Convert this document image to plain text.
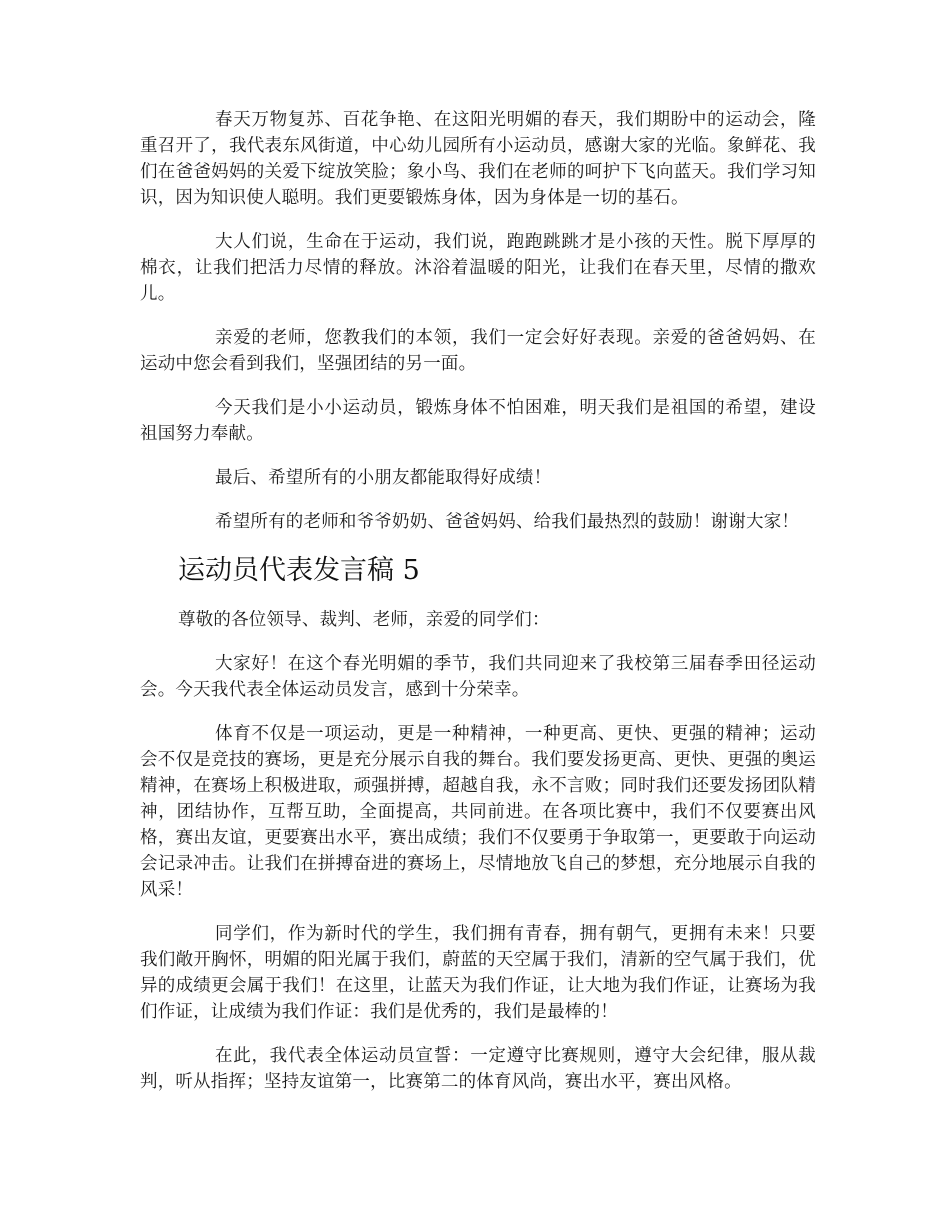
春天万物复苏、百花争艳、在这阳光明媚的春天，我们期盼中的运动会，隆重召开了，我代表东风街道，中心幼儿园所有小运动员，感谢大家的光临。象鲜花、我们在爸爸妈妈的关爱下绽放笑脸；象小鸟、我们在老师的呵护下飞向蓝天。我们学习知识，因为知识使人聪明。我们更要锻炼身体，因为身体是一切的基石。

大人们说，生命在于运动，我们说，跑跑跳跳才是小孩的天性。脱下厚厚的棉衣，让我们把活力尽情的释放。沐浴着温暖的阳光，让我们在春天里，尽情的撒欢儿。

亲爱的老师，您教我们的本领，我们一定会好好表现。亲爱的爸爸妈妈、在运动中您会看到我们，坚强团结的另一面。

今天我们是小小运动员，锻炼身体不怕困难，明天我们是祖国的希望，建设祖国努力奉献。

最后、希望所有的小朋友都能取得好成绩！

希望所有的老师和爷爷奶奶、爸爸妈妈、给我们最热烈的鼓励！谢谢大家！

运动员代表发言稿 5

尊敬的各位领导、裁判、老师，亲爱的同学们：

大家好！在这个春光明媚的季节，我们共同迎来了我校第三届春季田径运动会。今天我代表全体运动员发言，感到十分荣幸。

体育不仅是一项运动，更是一种精神，一种更高、更快、更强的精神；运动会不仅是竞技的赛场，更是充分展示自我的舞台。我们要发扬更高、更快、更强的奥运精神，在赛场上积极进取，顽强拼搏，超越自我，永不言败；同时我们还要发扬团队精神，团结协作，互帮互助，全面提高，共同前进。在各项比赛中，我们不仅要赛出风格，赛出友谊，更要赛出水平，赛出成绩；我们不仅要勇于争取第一，更要敢于向运动会记录冲击。让我们在拼搏奋进的赛场上，尽情地放飞自己的梦想，充分地展示自我的风采！

同学们，作为新时代的学生，我们拥有青春，拥有朝气，更拥有未来！只要我们敞开胸怀，明媚的阳光属于我们，蔚蓝的天空属于我们，清新的空气属于我们，优异的成绩更会属于我们！在这里，让蓝天为我们作证，让大地为我们作证，让赛场为我们作证，让成绩为我们作证：我们是优秀的，我们是最棒的！

在此，我代表全体运动员宣誓：一定遵守比赛规则，遵守大会纪律，服从裁判，听从指挥；坚持友谊第一，比赛第二的体育风尚，赛出水平，赛出风格。
